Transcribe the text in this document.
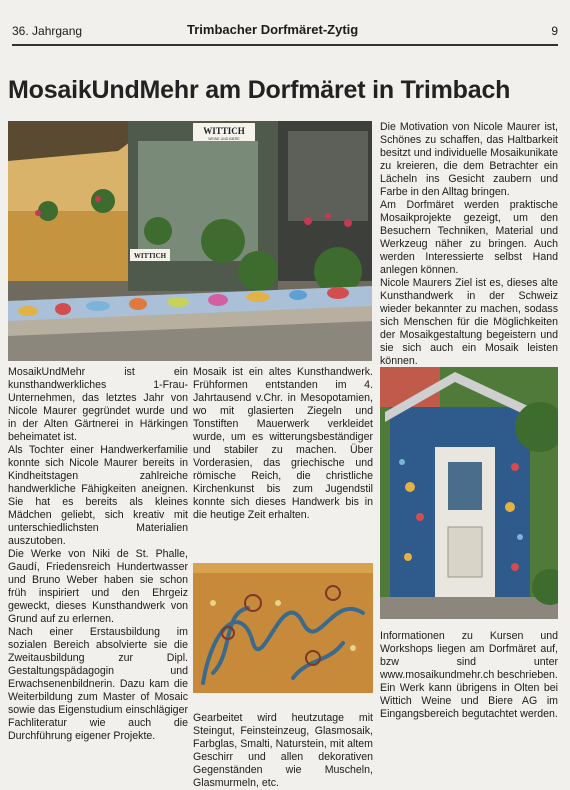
36. Jahrgang	Trimbacher Dorfmäret-Zytig	9
MosaikUndMehr am Dorfmäret in Trimbach
WITTICH
WEINE UND BIERE
WITTICH

MosaikUndMehr ist ein kunsthandwerkliches 1-Frau-Unternehmen, das letztes Jahr von Nicole Maurer gegründet wurde und in der Alten Gärtnerei in Härkingen beheimatet ist.

Als Tochter einer Handwerkerfamilie konnte sich Nicole Maurer bereits in Kindheitstagen zahlreiche handwerkliche Fähigkeiten aneignen. Sie hat es bereits als kleines Mädchen geliebt, sich kreativ mit unterschiedlichsten Materialien auszutoben.

Die Werke von Niki de St. Phalle, Gaudí, Friedensreich Hundertwasser und Bruno Weber haben sie schon früh inspiriert und den Ehrgeiz geweckt, dieses Kunsthandwerk von Grund auf zu erlernen.

Nach einer Erstausbildung im sozialen Bereich absolvierte sie die Zweitausbildung zur Dipl. Gestaltungspädagogin und Erwachsenenbildnerin. Dazu kam die Weiterbildung zum Master of Mosaic sowie das Eigenstudium einschlägiger Fachliteratur wie auch die Durchführung eigener Projekte.

Mosaik ist ein altes Kunsthandwerk. Frühformen entstanden im 4. Jahrtausend v.Chr. in Mesopotamien, wo mit glasierten Ziegeln und Tonstiften Mauerwerk verkleidet wurde, um es witterungsbeständiger und stabiler zu machen. Über Vorderasien, das griechische und römische Reich, die christliche Kirchenkunst bis zum Jugendstil konnte sich dieses Handwerk bis in die heutige Zeit erhalten.

Gearbeitet wird heutzutage mit Steingut, Feinsteinzeug, Glasmosaik, Farbglas, Smalti, Naturstein, mit altem Geschirr und allen dekorativen Gegenständen wie Muscheln, Glasmurmeln, etc.

Die Motivation von Nicole Maurer ist, Schönes zu schaffen, das Haltbarkeit besitzt und individuelle Mosaikunikate zu kreieren, die dem Betrachter ein Lächeln ins Gesicht zaubern und Farbe in den Alltag bringen.

Am Dorfmäret werden praktische Mosaikprojekte gezeigt, um den Besuchern Techniken, Material und Werkzeug näher zu bringen. Auch werden Interessierte selbst Hand anlegen können.

Nicole Maurers Ziel ist es, dieses alte Kunsthandwerk in der Schweiz wieder bekannter zu machen, sodass sich Menschen für die Möglichkeiten der Mosaikgestaltung begeistern und sie sich auch ein Mosaik leisten können.

Informationen zu Kursen und Workshops liegen am Dorfmäret auf, bzw sind unter www.mosaikundmehr.ch beschrieben.

Ein Werk kann übrigens in Olten bei Wittich Weine und Biere AG im Eingangsbereich begutachtet werden.
